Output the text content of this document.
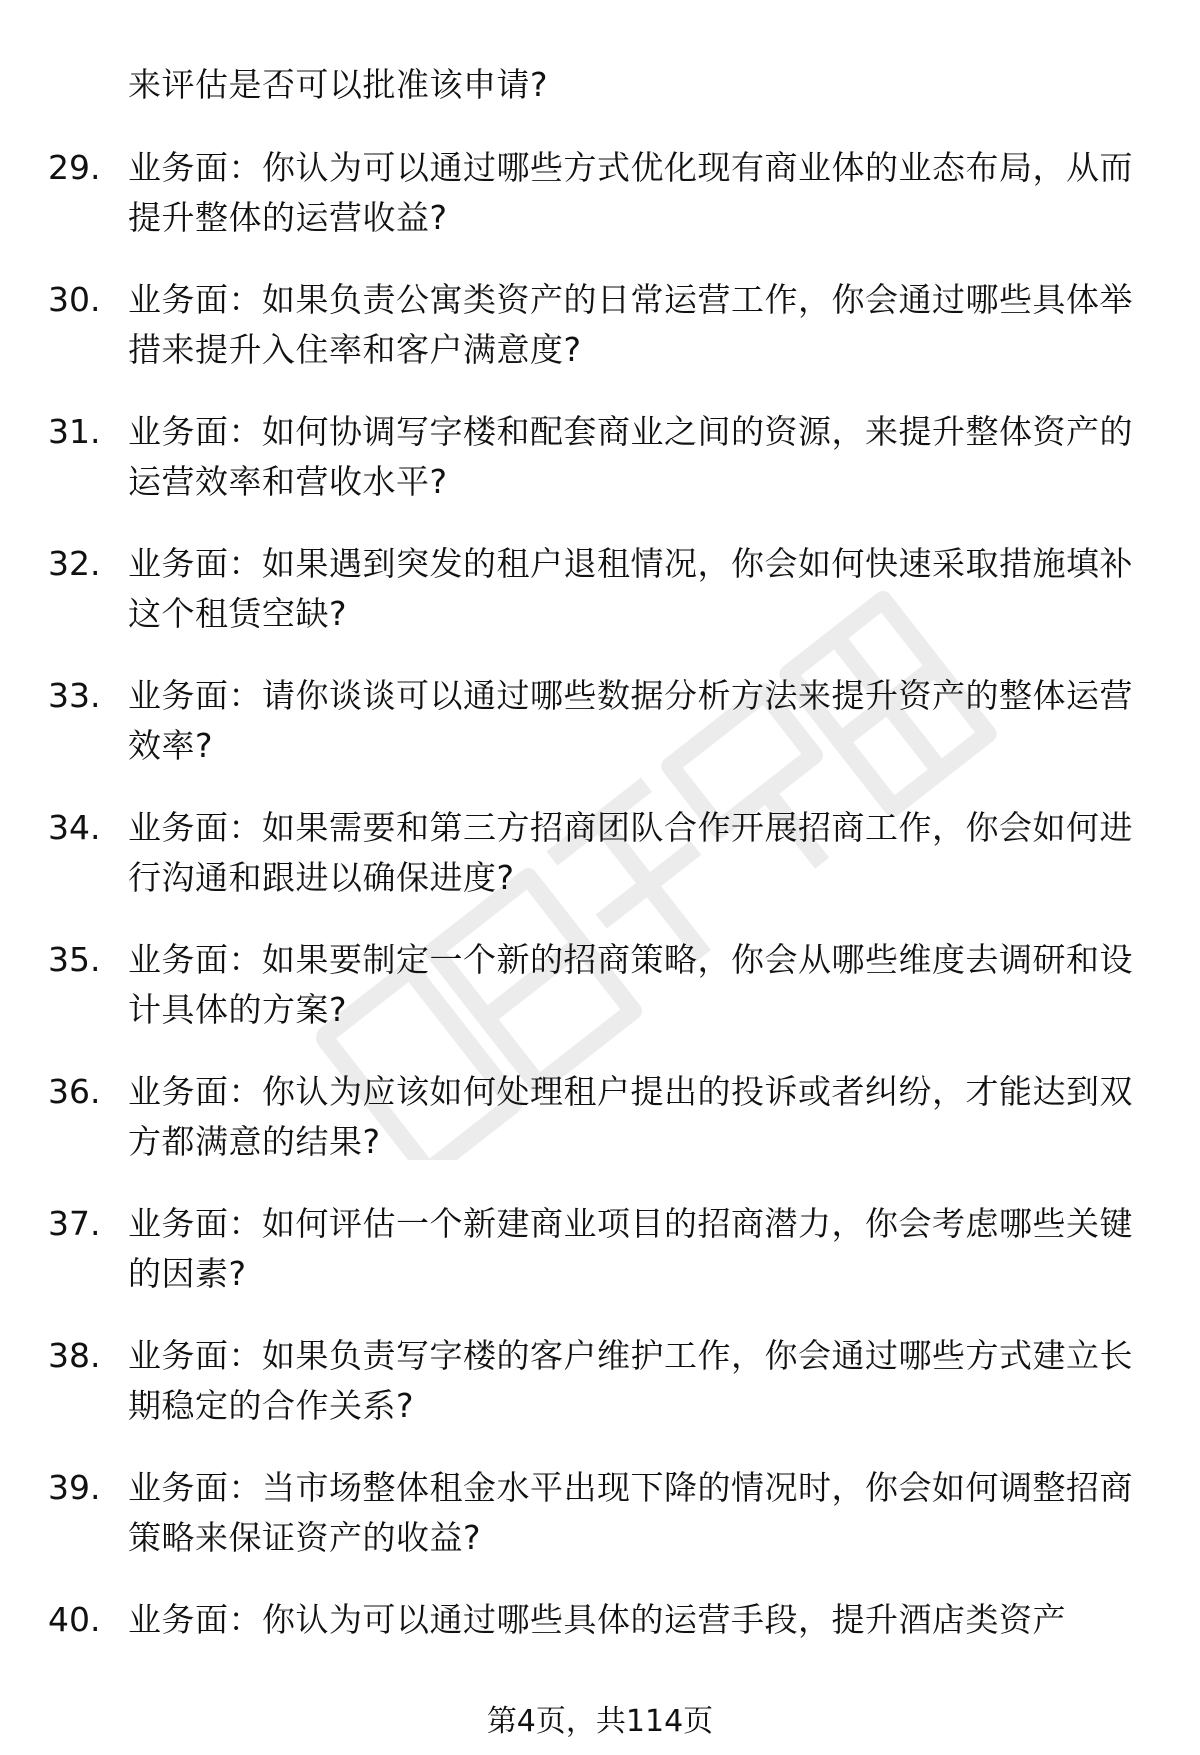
来评估是否可以批准该申请?
29. 业务面：你认为可以通过哪些方式优化现有商业体的业态布局，从而提升整体的运营收益?
30. 业务面：如果负责公寓类资产的日常运营工作，你会通过哪些具体举措来提升入住率和客户满意度?
31. 业务面：如何协调写字楼和配套商业之间的资源，来提升整体资产的运营效率和营收水平?
32. 业务面：如果遇到突发的租户退租情况，你会如何快速采取措施填补这个租赁空缺?
33. 业务面：请你谈谈可以通过哪些数据分析方法来提升资产的整体运营效率?
34. 业务面：如果需要和第三方招商团队合作开展招商工作，你会如何进行沟通和跟进以确保进度?
35. 业务面：如果要制定一个新的招商策略，你会从哪些维度去调研和设计具体的方案?
36. 业务面：你认为应该如何处理租户提出的投诉或者纠纷，才能达到双方都满意的结果?
37. 业务面：如何评估一个新建商业项目的招商潜力，你会考虑哪些关键的因素?
38. 业务面：如果负责写字楼的客户维护工作，你会通过哪些方式建立长期稳定的合作关系?
39. 业务面：当市场整体租金水平出现下降的情况时，你会如何调整招商策略来保证资产的收益?
40. 业务面：你认为可以通过哪些具体的运营手段，提升酒店类资产
第4页，共114页
